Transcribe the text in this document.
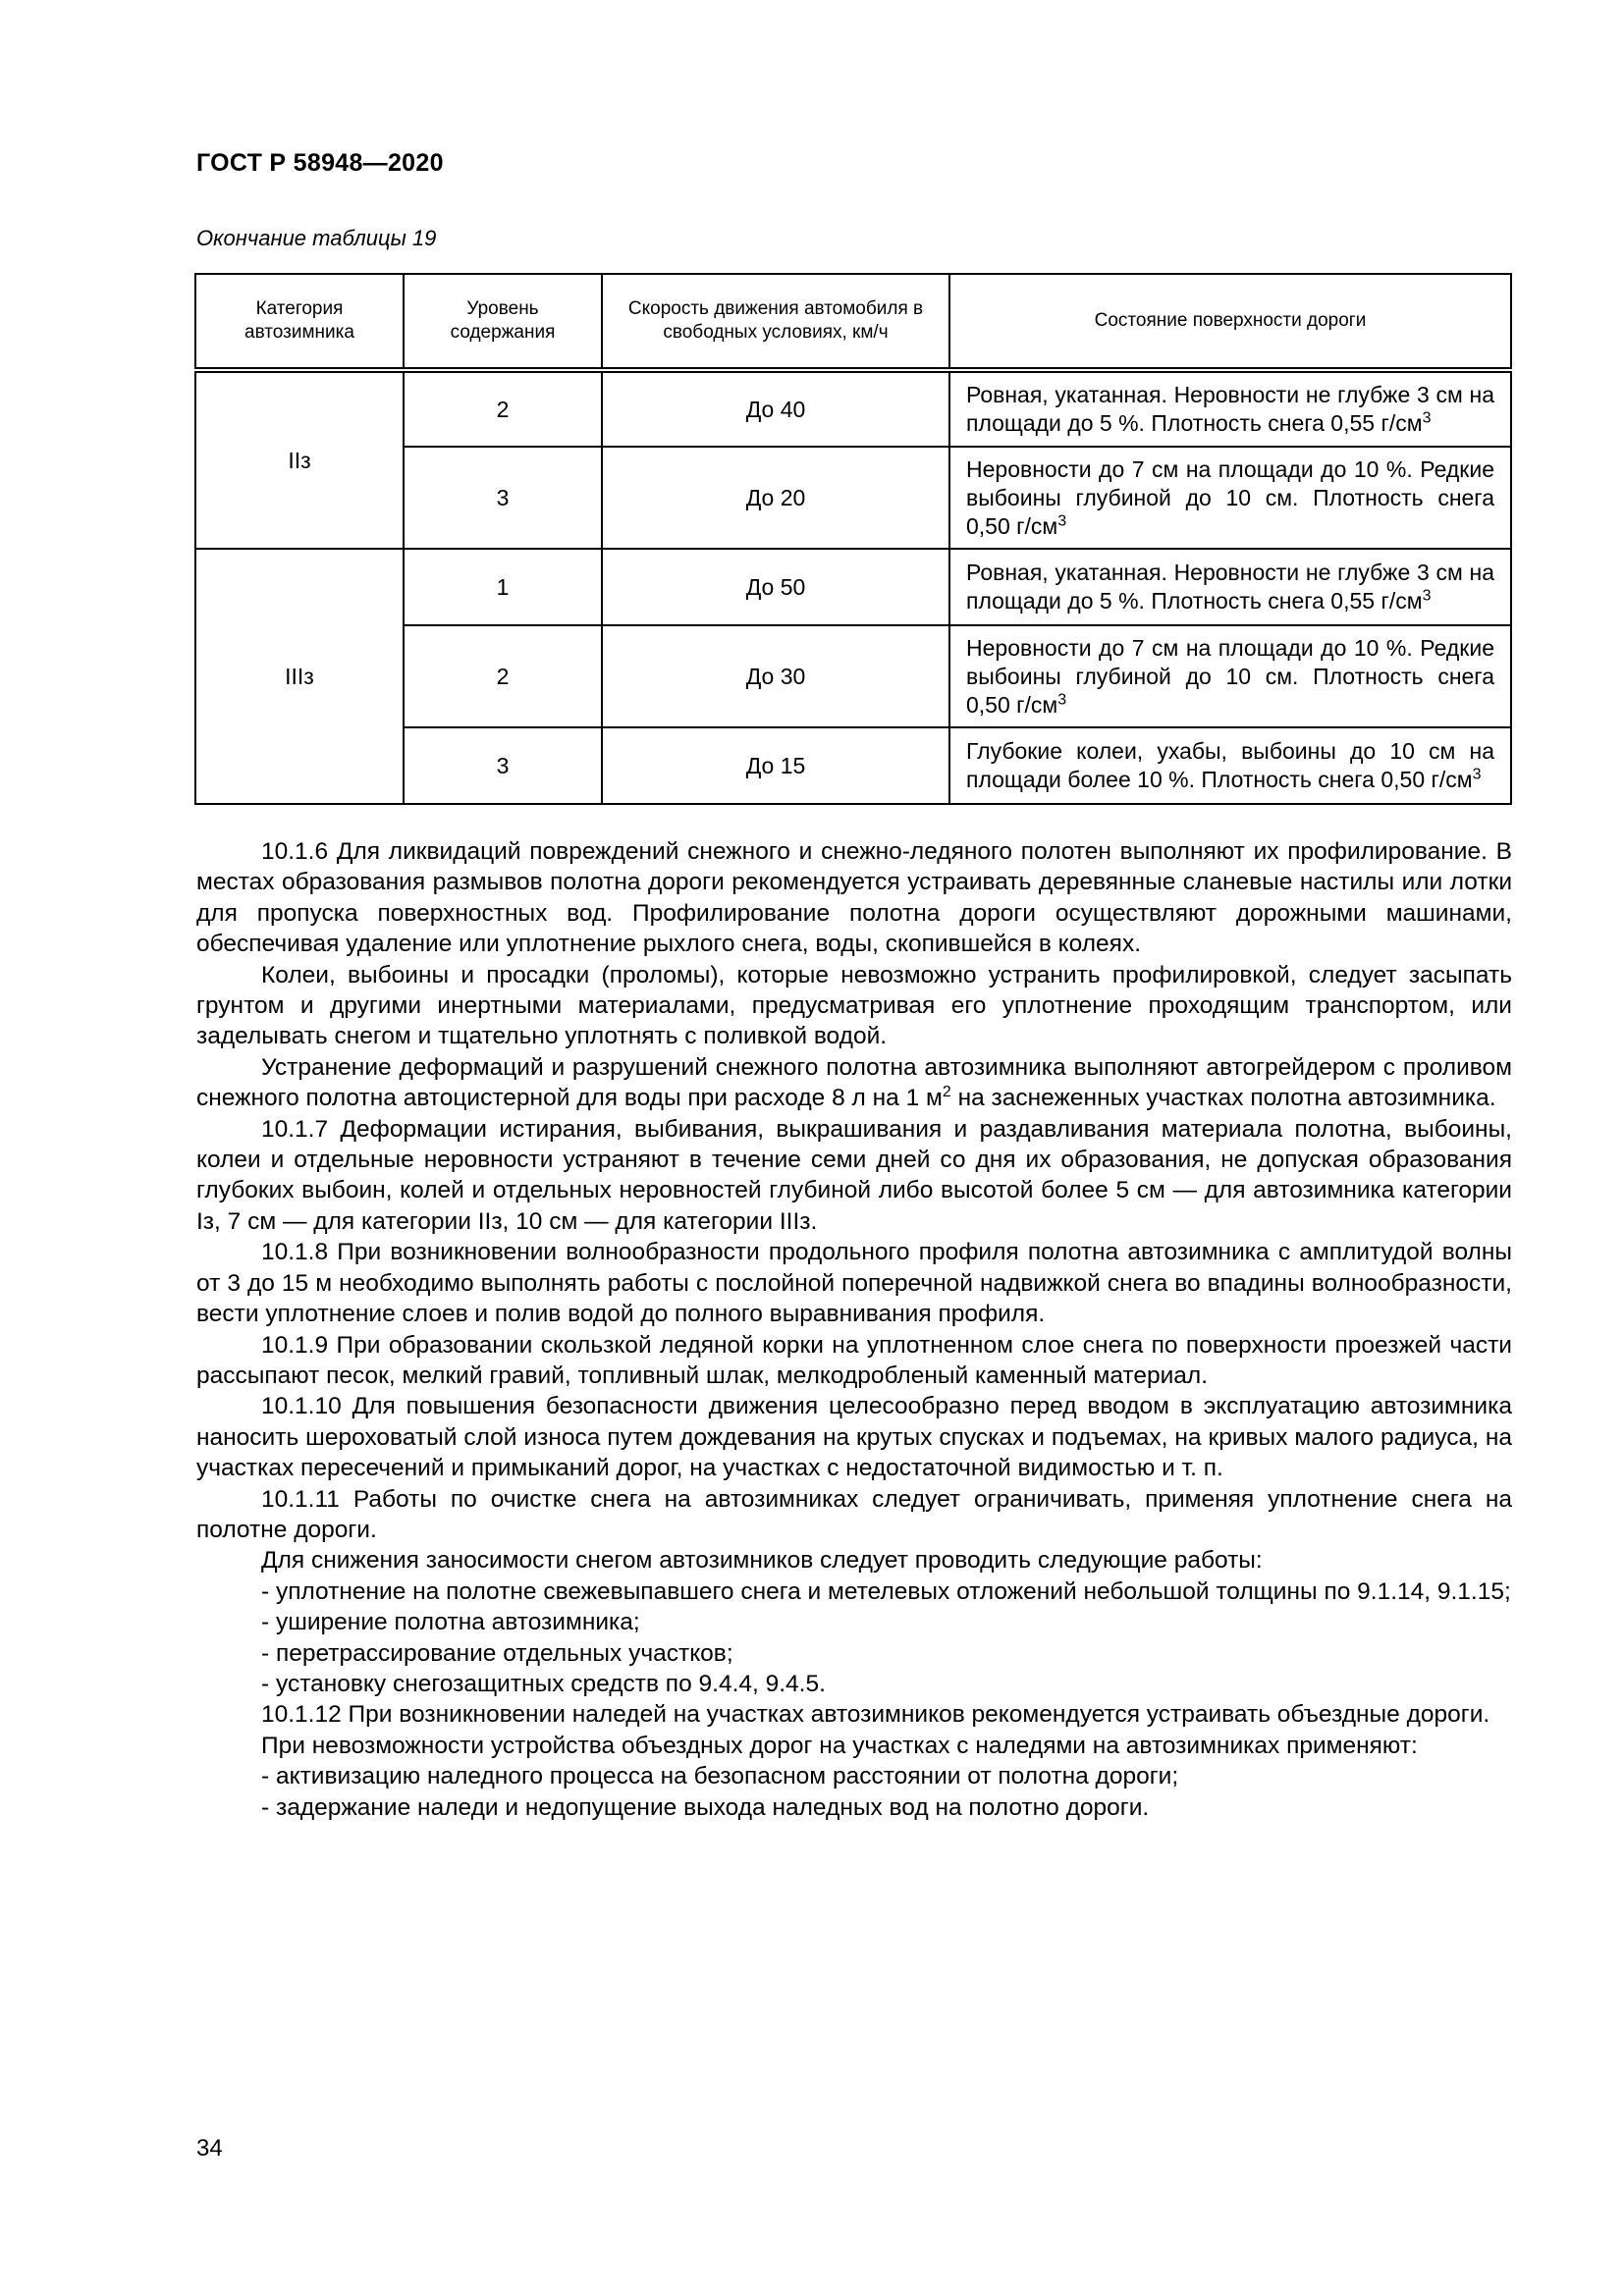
ГОСТ Р 58948—2020
Окончание таблицы 19
Категория автозимника	Уровень содержания	Скорость движения автомобиля в свободных условиях, км/ч	Состояние поверхности дороги
IIз	2	До 40	Ровная, укатанная. Неровности не глубже 3 см на площади до 5 %. Плотность снега 0,55 $г/см^3$
	3	До 20	Неровности до 7 см на площади до 10 %. Редкие выбоины глубиной до 10 см. Плотность снега 0,50 $г/см^3$
IIIз	1	До 50	Ровная, укатанная. Неровности не глубже 3 см на площади до 5 %. Плотность снега 0,55 $г/см^3$
	2	До 30	Неровности до 7 см на площади до 10 %. Редкие выбоины глубиной до 10 см. Плотность снега 0,50 $г/см^3$
	3	До 15	Глубокие колеи, ухабы, выбоины до 10 см на площади более 10 %. Плотность снега 0,50 $г/см^3$

10.1.6 Для ликвидаций повреждений снежного и снежно-ледяного полотен выполняют их профилирование. В местах образования размывов полотна дороги рекомендуется устраивать деревянные сланевые настилы или лотки для пропуска поверхностных вод. Профилирование полотна дороги осуществляют дорожными машинами, обеспечивая удаление или уплотнение рыхлого снега, воды, скопившейся в колеях.

Колеи, выбоины и просадки (проломы), которые невозможно устранить профилировкой, следует засыпать грунтом и другими инертными материалами, предусматривая его уплотнение проходящим транспортом, или заделывать снегом и тщательно уплотнять с поливкой водой.

Устранение деформаций и разрушений снежного полотна автозимника выполняют автогрейдером с проливом снежного полотна автоцистерной для воды при расходе 8 л на 1 $м^2$ на заснеженных участках полотна автозимника.

10.1.7 Деформации истирания, выбивания, выкрашивания и раздавливания материала полотна, выбоины, колеи и отдельные неровности устраняют в течение семи дней со дня их образования, не допуская образования глубоких выбоин, колей и отдельных неровностей глубиной либо высотой более 5 см — для автозимника категории Iз, 7 см — для категории IIз, 10 см — для категории IIIз.

10.1.8 При возникновении волнообразности продольного профиля полотна автозимника с амплитудой волны от 3 до 15 м необходимо выполнять работы с послойной поперечной надвижкой снега во впадины волнообразности, вести уплотнение слоев и полив водой до полного выравнивания профиля.

10.1.9 При образовании скользкой ледяной корки на уплотненном слое снега по поверхности проезжей части рассыпают песок, мелкий гравий, топливный шлак, мелкодробленый каменный материал.

10.1.10 Для повышения безопасности движения целесообразно перед вводом в эксплуатацию автозимника наносить шероховатый слой износа путем дождевания на крутых спусках и подъемах, на кривых малого радиуса, на участках пересечений и примыканий дорог, на участках с недостаточной видимостью и т. п.

10.1.11 Работы по очистке снега на автозимниках следует ограничивать, применяя уплотнение снега на полотне дороги.

Для снижения заносимости снегом автозимников следует проводить следующие работы:

- уплотнение на полотне свежевыпавшего снега и метелевых отложений небольшой толщины по 9.1.14, 9.1.15;

- уширение полотна автозимника;

- перетрассирование отдельных участков;

- установку снегозащитных средств по 9.4.4, 9.4.5.

10.1.12 При возникновении наледей на участках автозимников рекомендуется устраивать объездные дороги.

При невозможности устройства объездных дорог на участках с наледями на автозимниках применяют:

- активизацию наледного процесса на безопасном расстоянии от полотна дороги;

- задержание наледи и недопущение выхода наледных вод на полотно дороги.

34
